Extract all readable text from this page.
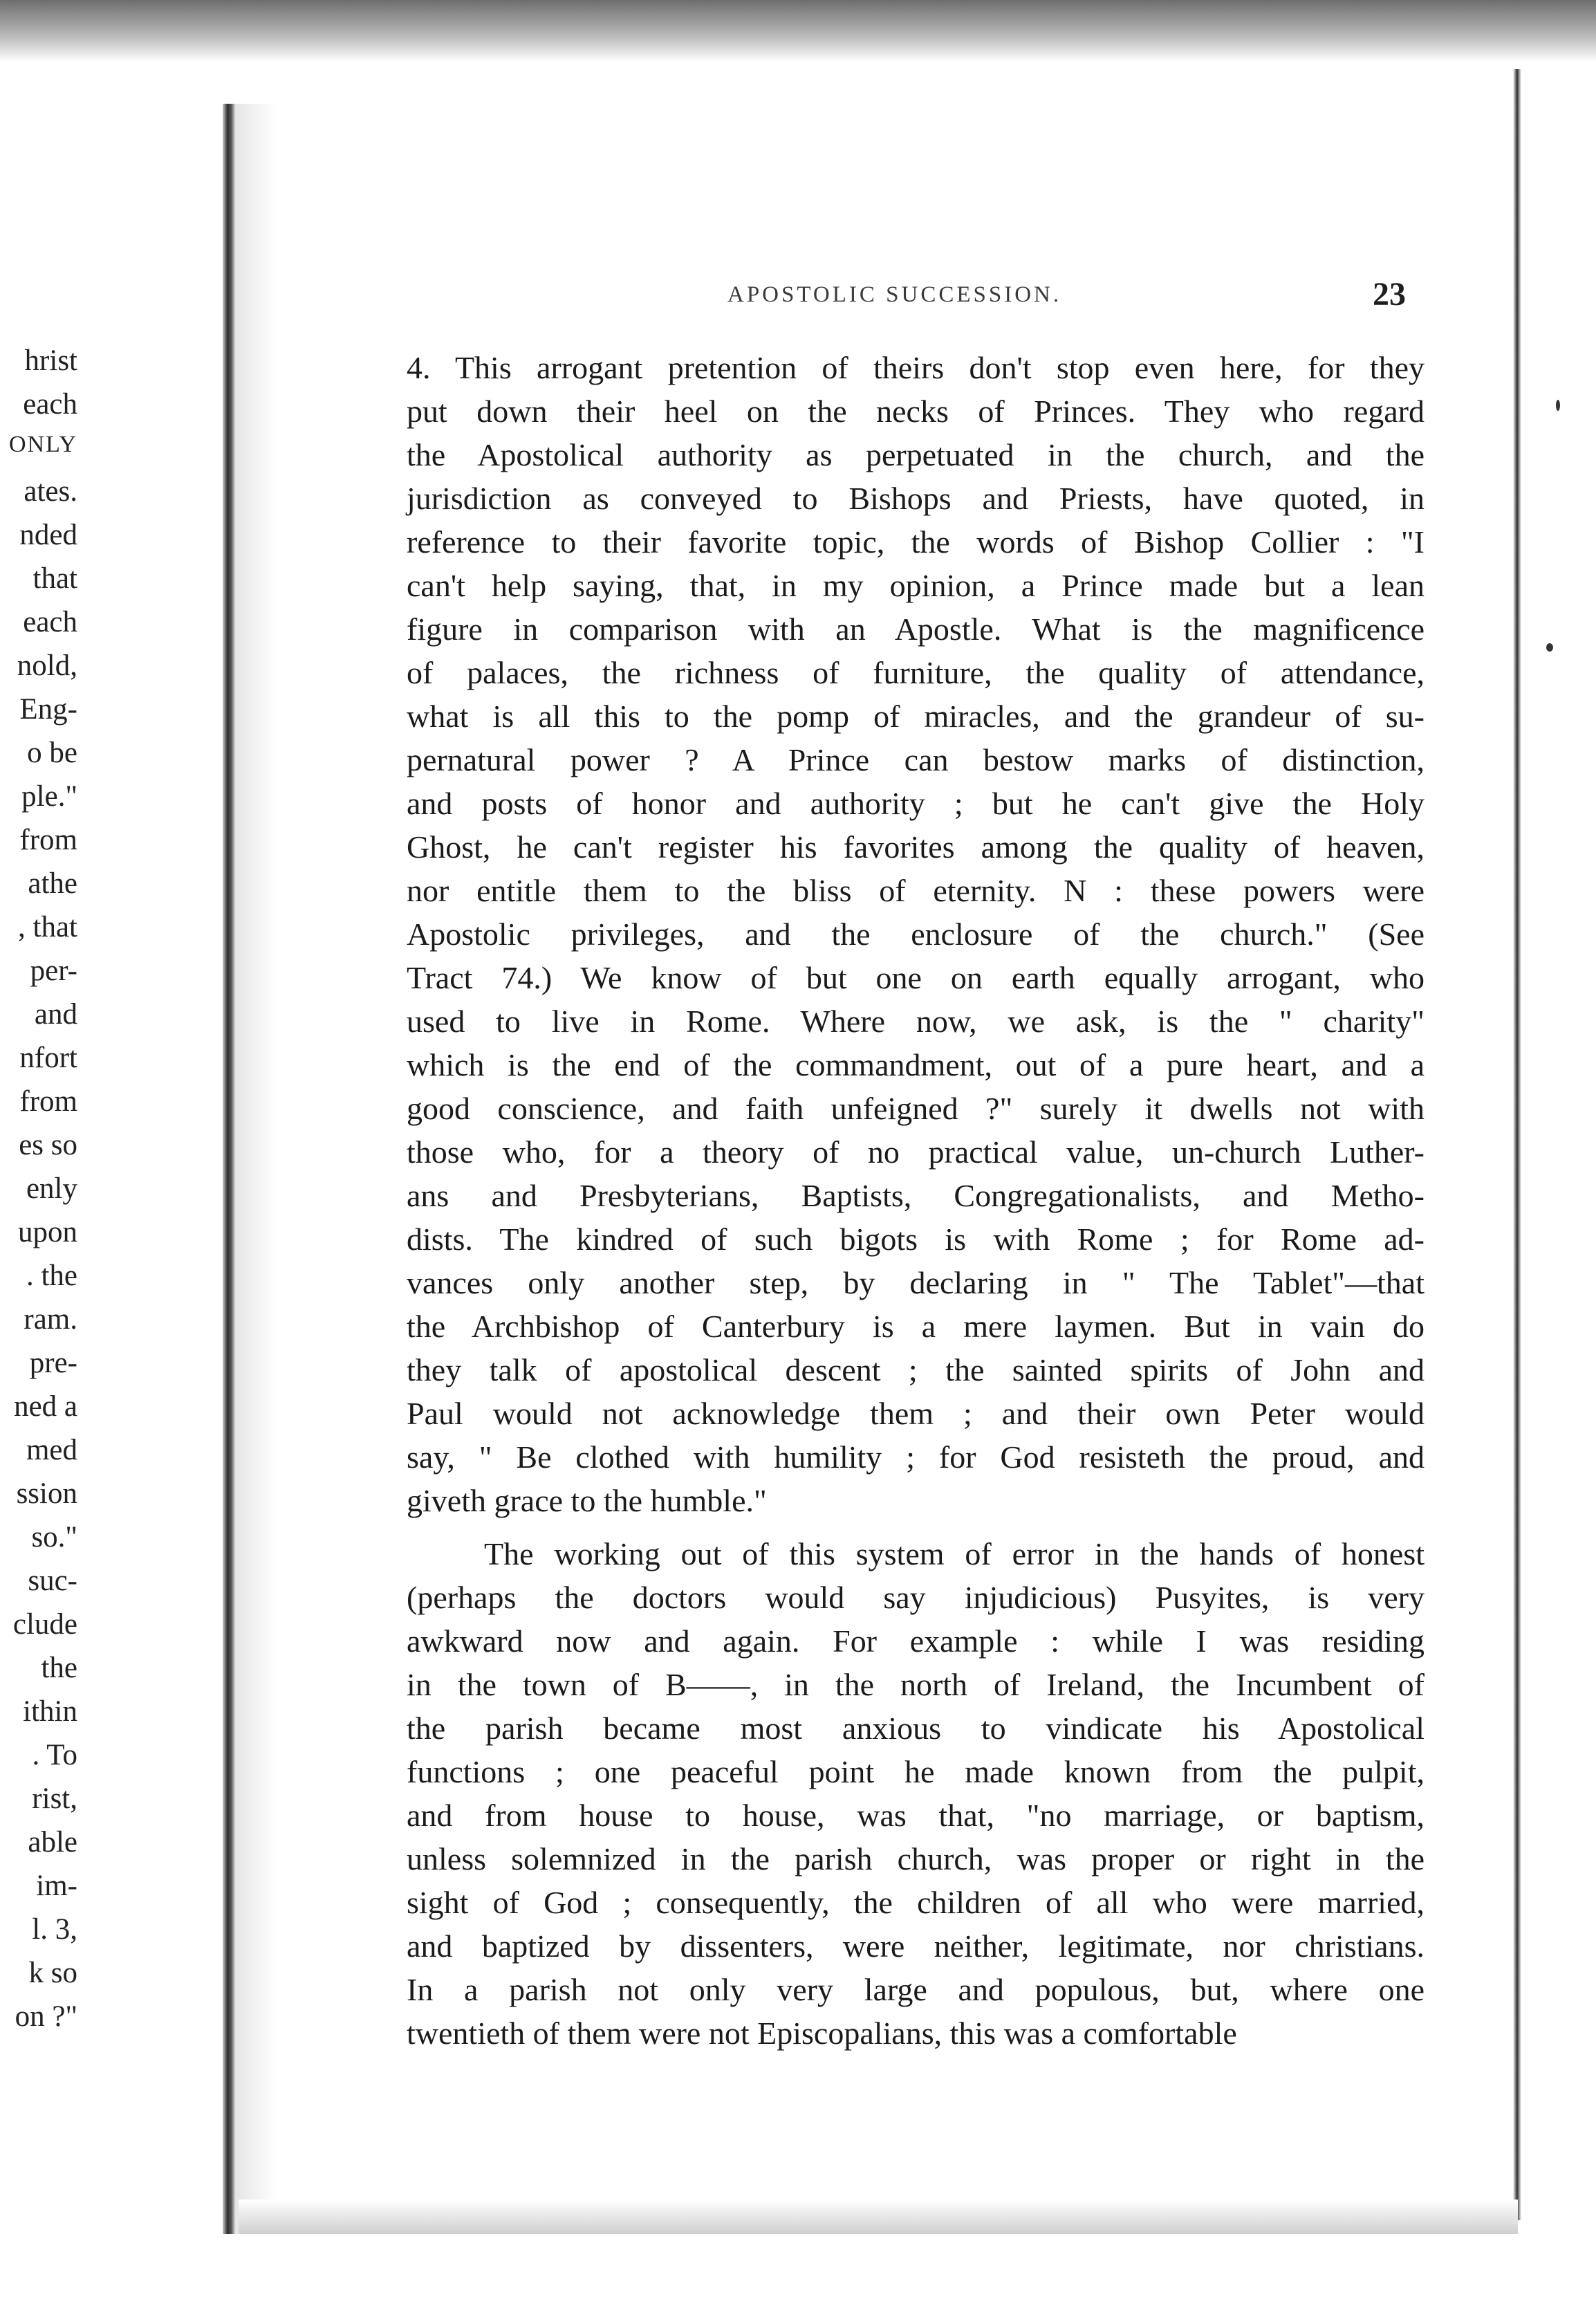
hrist

each

ONLY

ates.

nded

that

each

nold,

Eng-

o be

ple."

from

athe

, that

per-

and

nfort

from

es so

enly

upon

. the

ram.

pre-

ned a

med

ssion

so."

suc-

clude

the

ithin

. To

rist,

able

im-

l. 3,

k so

on ?"

APOSTOLIC SUCCESSION.	23

4. This arrogant pretention of theirs don't stop even here, for they
put down their heel on the necks of Princes. They who regard
the Apostolical authority as perpetuated in the church, and the
jurisdiction as conveyed to Bishops and Priests, have quoted, in
reference to their favorite topic, the words of Bishop Collier : "I
can't help saying, that, in my opinion, a Prince made but a lean
figure in comparison with an Apostle. What is the magnificence
of palaces, the richness of furniture, the quality of attendance,
what is all this to the pomp of miracles, and the grandeur of su-
pernatural power ? A Prince can bestow marks of distinction,
and posts of honor and authority ; but he can't give the Holy
Ghost, he can't register his favorites among the quality of heaven,
nor entitle them to the bliss of eternity. N : these powers were
Apostolic privileges, and the enclosure of the church." (See
Tract 74.) We know of but one on earth equally arrogant, who
used to live in Rome. Where now, we ask, is the " charity"
which is the end of the commandment, out of a pure heart, and a
good conscience, and faith unfeigned ?" surely it dwells not with
those who, for a theory of no practical value, un-church Luther-
ans and Presbyterians, Baptists, Congregationalists, and Metho-
dists. The kindred of such bigots is with Rome ; for Rome ad-
vances only another step, by declaring in " The Tablet"—that
the Archbishop of Canterbury is a mere laymen. But in vain do
they talk of apostolical descent ; the sainted spirits of John and
Paul would not acknowledge them ; and their own Peter would
say, " Be clothed with humility ; for God resisteth the proud, and
giveth grace to the humble."
The working out of this system of error in the hands of honest
(perhaps the doctors would say injudicious) Pusyites, is very
awkward now and again. For example : while I was residing
in the town of B——, in the north of Ireland, the Incumbent of
the parish became most anxious to vindicate his Apostolical
functions ; one peaceful point he made known from the pulpit,
and from house to house, was that, "no marriage, or baptism,
unless solemnized in the parish church, was proper or right in the
sight of God ; consequently, the children of all who were married,
and baptized by dissenters, were neither, legitimate, nor christians.
In a parish not only very large and populous, but, where one
twentieth of them were not Episcopalians, this was a comfortable
